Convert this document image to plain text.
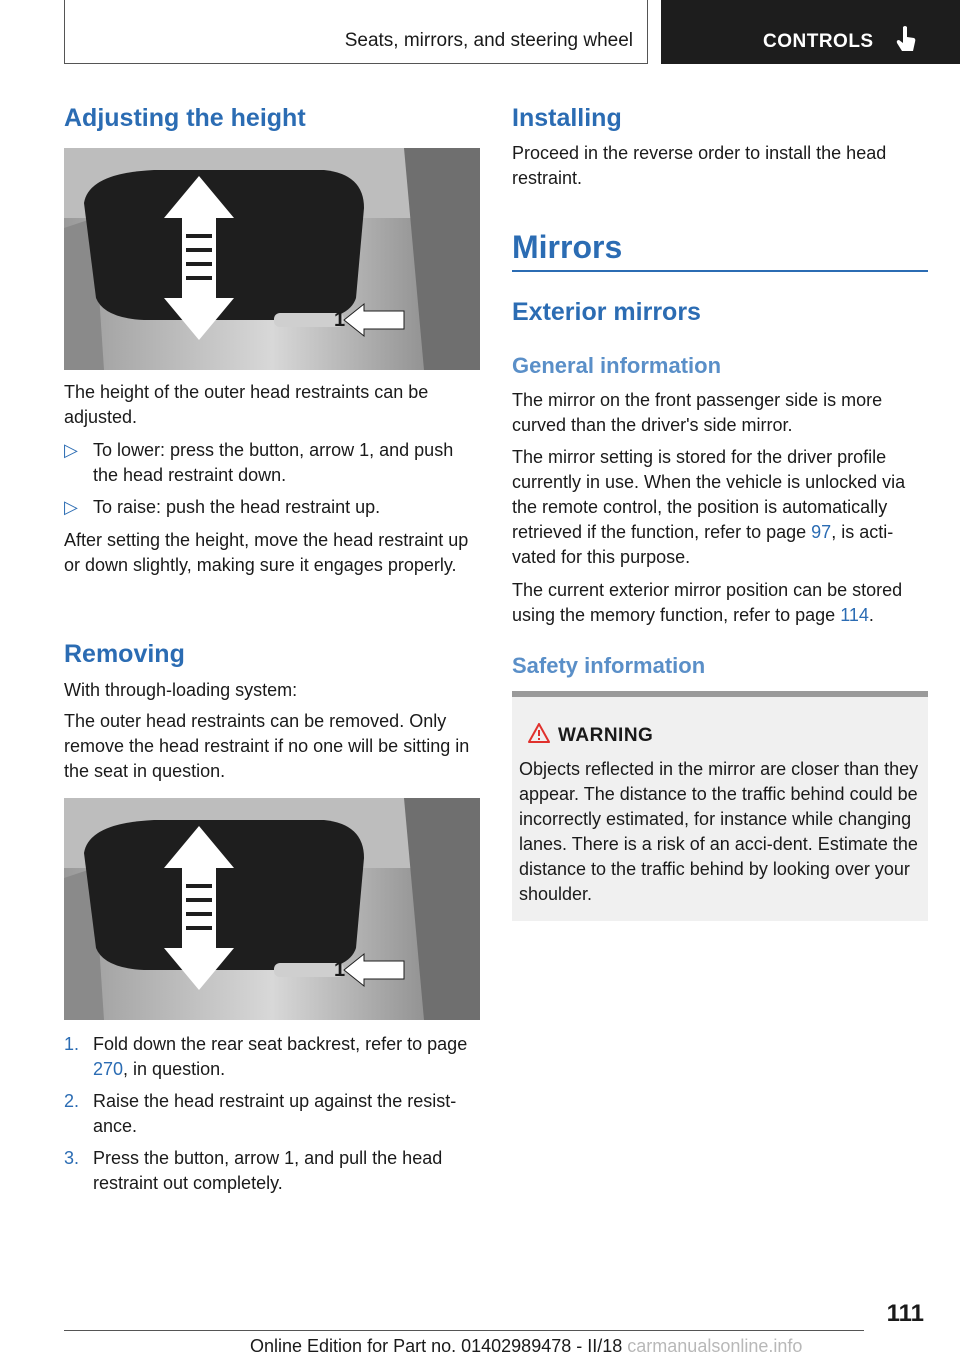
Seats, mirrors, and steering wheel	CONTROLS
Adjusting the height
1

The height of the outer head restraints can be adjusted.

▷ To lower: press the button, arrow 1, and push the head restraint down.
▷ To raise: push the head restraint up.

After setting the height, move the head restraint up or down slightly, making sure it engages properly.

Removing

With through-loading system:

The outer head restraints can be removed. Only remove the head restraint if no one will be sitting in the seat in question.

1
1. Fold down the rear seat backrest, refer to page 270, in question.
2. Raise the head restraint up against the resist-ance.
3. Press the button, arrow 1, and pull the head restraint out completely.
Installing

Proceed in the reverse order to install the head restraint.

Mirrors
Exterior mirrors
General information

The mirror on the front passenger side is more curved than the driver's side mirror.

The mirror setting is stored for the driver profile currently in use. When the vehicle is unlocked via the remote control, the position is automatically retrieved if the function, refer to page 97, is acti-vated for this purpose.

The current exterior mirror position can be stored using the memory function, refer to page 114.

Safety information
WARNING
Objects reflected in the mirror are closer than they appear. The distance to the traffic behind could be incorrectly estimated, for instance while changing lanes. There is a risk of an acci-dent. Estimate the distance to the traffic behind by looking over your shoulder.
111
Online Edition for Part no. 01402989478 - II/18 carmanualsonline.info
